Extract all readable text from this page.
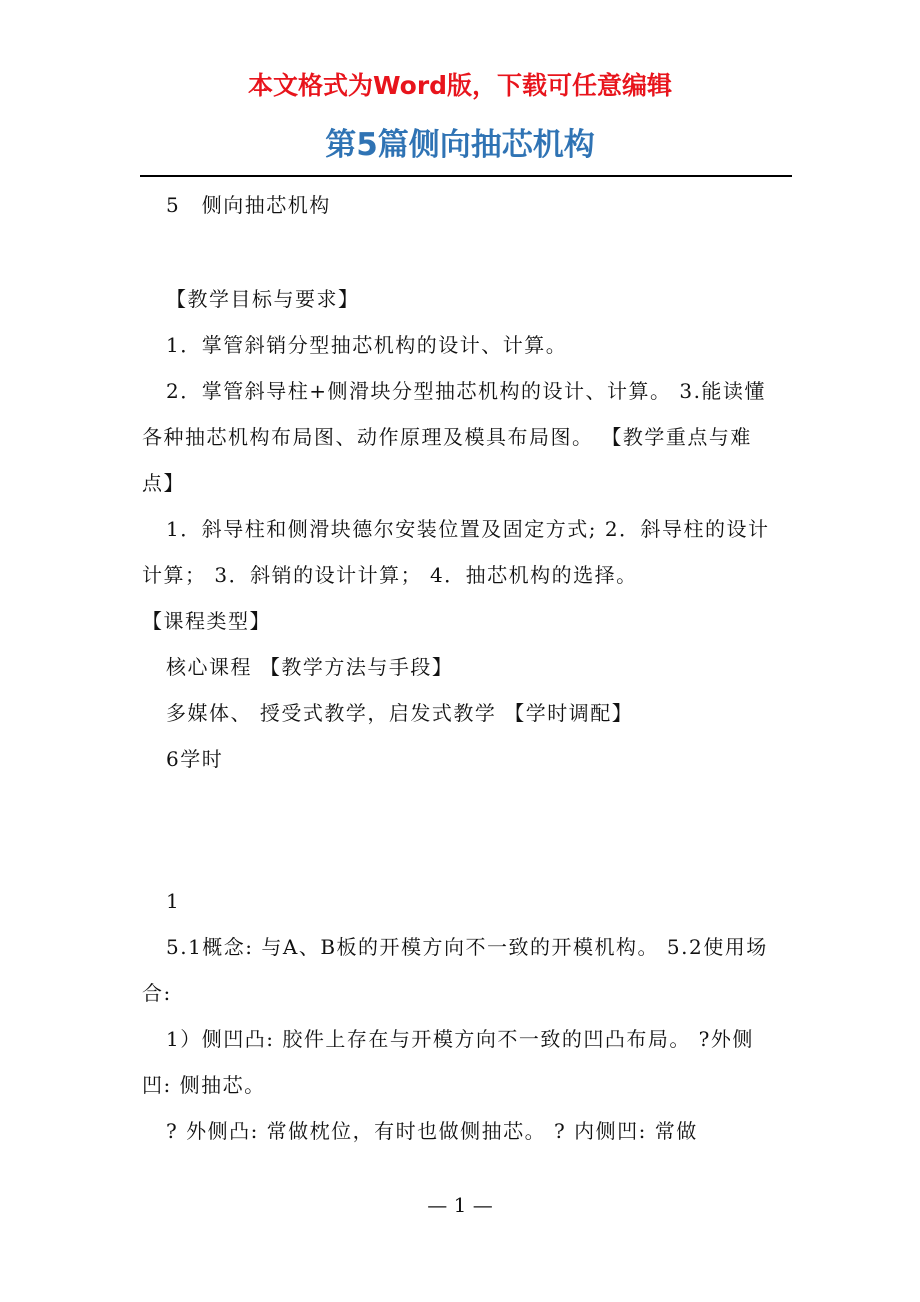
本文格式为Word版，下载可任意编辑
第5篇侧向抽芯机构

5　侧向抽芯机构

【教学目标与要求】

1．掌管斜销分型抽芯机构的设计、计算。

2．掌管斜导柱+侧滑块分型抽芯机构的设计、计算。 3.能读懂各种抽芯机构布局图、动作原理及模具布局图。 【教学重点与难点】

1．斜导柱和侧滑块德尔安装位置及固定方式; 2．斜导柱的设计计算； 3．斜销的设计计算； 4．抽芯机构的选择。

【课程类型】

核心课程 【教学方法与手段】

多媒体、 授受式教学，启发式教学 【学时调配】

6学时

1

5.1概念: 与A、B板的开模方向不一致的开模机构。 5.2使用场合:

1）侧凹凸: 胶件上存在与开模方向不一致的凹凸布局。 ?外侧凹: 侧抽芯。

? 外侧凸: 常做枕位，有时也做侧抽芯。 ? 内侧凹: 常做

— 1 —
